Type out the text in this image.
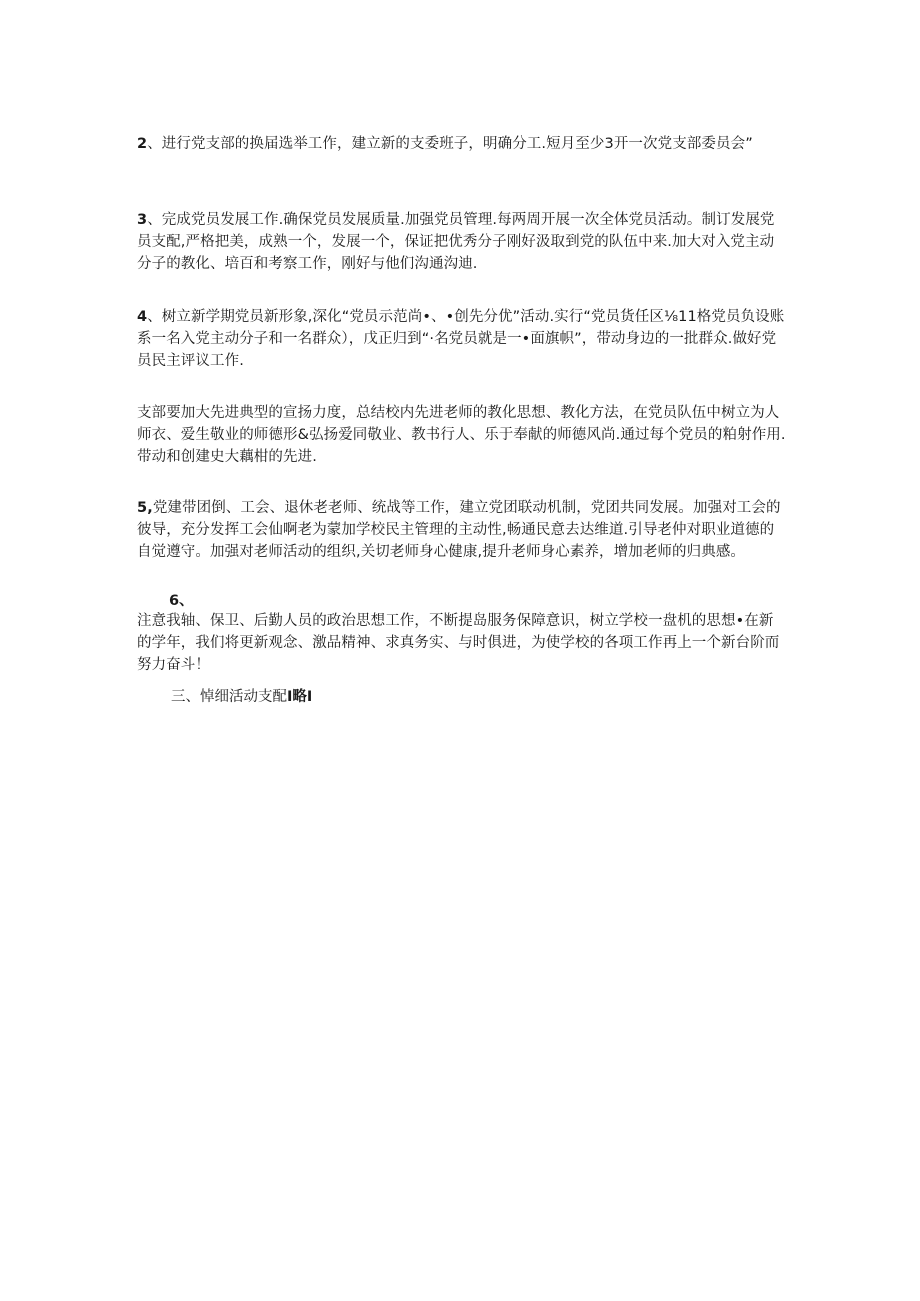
2、进行党支部的换届选举工作，建立新的支委班子，明确分工.短月至少3开一次党支部委员会”

3、完成党员发展工作.确保党员发展质量.加强党员管理.每两周开展一次全体党员活动。制订发展党员支配,严格把美，成熟一个，发展一个，保证把优秀分子刚好汲取到党的队伍中来.加大对入党主动分子的教化、培百和考察工作，刚好与他们沟通沟迪.

4、树立新学期党员新形象,深化“党员示范尚•、•创先分优”活动.实行“党员货任区⅛11格党员负设账系一名入党主动分子和一名群众），戊正归到“·名党员就是一•面旗帜”，带动身边的一批群众.做好党员民主评议工作.

支部要加大先进典型的宣扬力度，总结校内先进老师的教化思想、教化方法，在党员队伍中树立为人师衣、爱生敬业的师德形&弘扬爱同敬业、教书行人、乐于奉献的师德风尚.通过每个党员的粕射作用.带动和创建史大藕柑的先进.

5,党建带团倒、工会、退休老老师、统战等工作，建立党团联动机制，党团共同发展。加强对工会的彼导，充分发挥工会仙啊老为蒙加学校民主管理的主动性,畅通民意去达维道.引导老仲对职业道德的自觉遵守。加强对老师活动的组织,关切老师身心健康,提升老师身心素养，增加老师的归典感。

6、

注意我轴、保卫、后勤人员的政治思想工作，不断提岛服务保障意识，树立学校一盘机的思想•在新的学年，我们将更新观念、激品精神、求真务实、与时俱进，为使学校的各项工作再上一个新台阶而努力奋斗！

三、悼细活动支配I略I
